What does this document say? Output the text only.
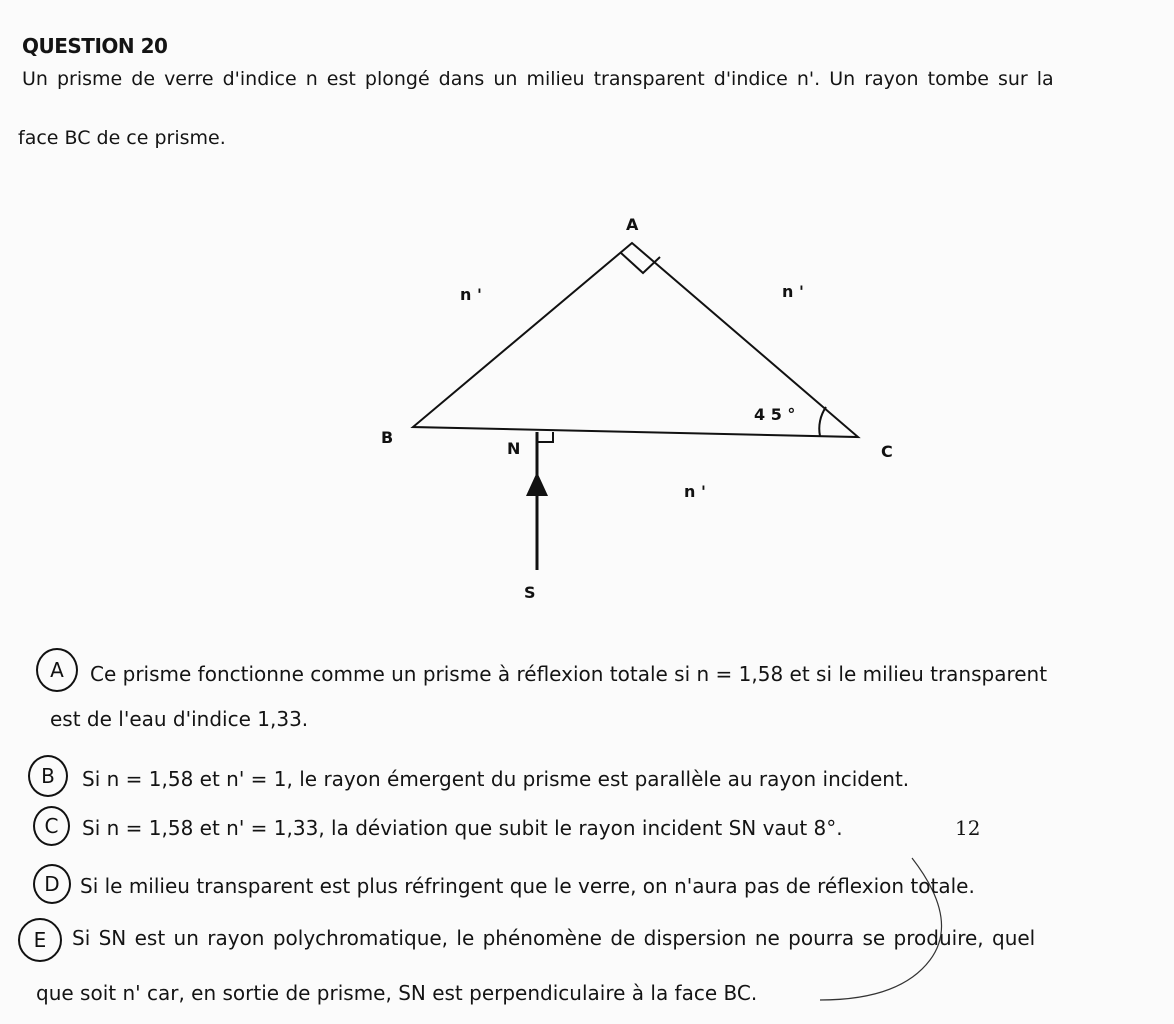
QUESTION 20
Un prisme de verre d'indice n est plongé dans un milieu transparent d'indice n'. Un rayon tombe sur la
face BC de ce prisme.
A
B
C
N
S
n '	n '
n '
4 5 °
A	Ce prisme fonctionne comme un prisme à réflexion totale si n = 1,58 et si le milieu transparent
est de l'eau d'indice 1,33.
B	Si n = 1,58 et n' = 1, le rayon émergent du prisme est parallèle au rayon incident.
C	Si n = 1,58 et n' = 1,33, la déviation que subit le rayon incident SN vaut 8°.	12
D	Si le milieu transparent est plus réfringent que le verre, on n'aura pas de réflexion totale.
E	Si SN est un rayon polychromatique, le phénomène de dispersion ne pourra se produire, quel
que soit n' car, en sortie de prisme, SN est perpendiculaire à la face BC.
